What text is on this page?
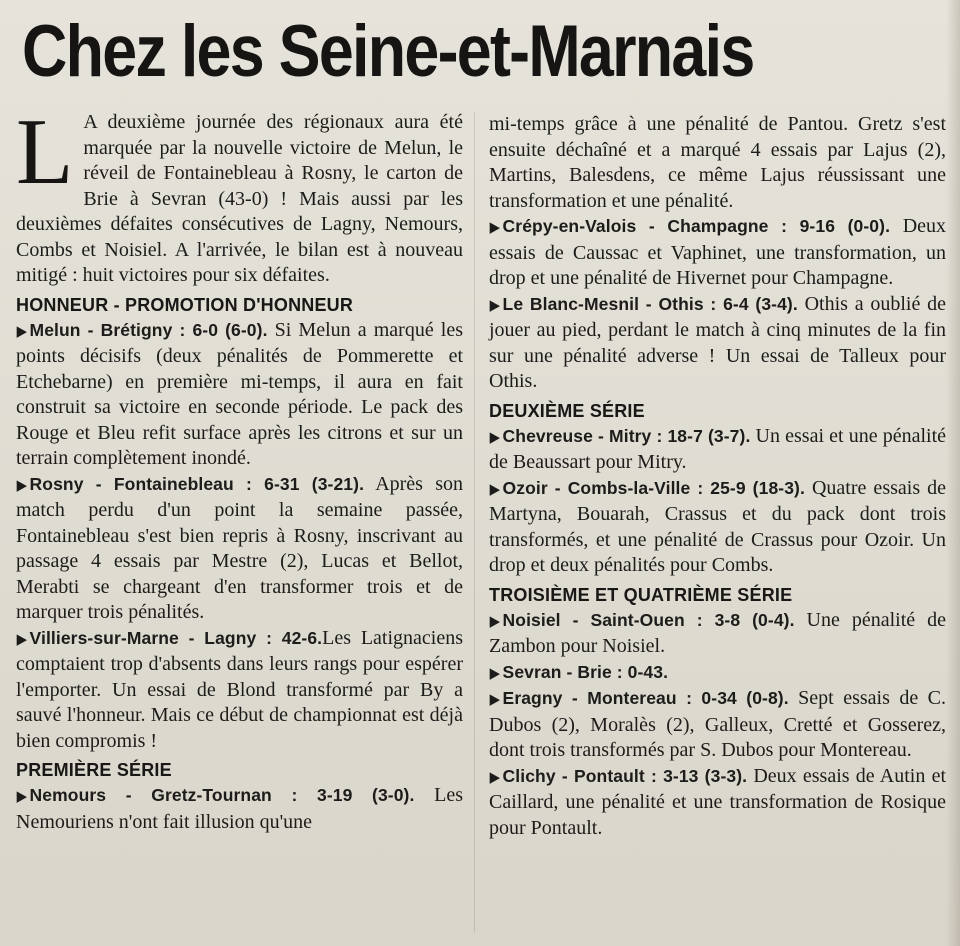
Chez les Seine-et-Marnais

L A deuxième journée des régionaux aura été marquée par la nouvelle victoire de Melun, le réveil de Fontainebleau à Rosny, le carton de Brie à Sevran (43-0) ! Mais aussi par les deuxièmes défaites consécutives de Lagny, Nemours, Combs et Noisiel. A l'arrivée, le bilan est à nouveau mitigé : huit victoires pour six défaites.

HONNEUR - PROMOTION D'HONNEUR

▶ Melun - Brétigny : 6-0 (6-0). Si Melun a marqué les points décisifs (deux pénalités de Pommerette et Etchebarne) en première mi-temps, il aura en fait construit sa victoire en seconde période. Le pack des Rouge et Bleu refit surface après les citrons et sur un terrain complètement inondé.

▶ Rosny - Fontainebleau : 6-31 (3-21). Après son match perdu d'un point la semaine passée, Fontainebleau s'est bien repris à Rosny, inscrivant au passage 4 essais par Mestre (2), Lucas et Bellot, Merabti se chargeant d'en transformer trois et de marquer trois pénalités.

▶ Villiers-sur-Marne - Lagny : 42-6.Les Latignaciens comptaient trop d'absents dans leurs rangs pour espérer l'emporter. Un essai de Blond transformé par By a sauvé l'honneur. Mais ce début de championnat est déjà bien compromis !

PREMIÈRE SÉRIE

▶ Nemours - Gretz-Tournan : 3-19 (3-0). Les Nemouriens n'ont fait illusion qu'une

mi-temps grâce à une pénalité de Pantou. Gretz s'est ensuite déchaîné et a marqué 4 essais par Lajus (2), Martins, Balesdens, ce même Lajus réussissant une transformation et une pénalité.

▶ Crépy-en-Valois - Champagne : 9-16 (0-0). Deux essais de Caussac et Vaphinet, une transformation, un drop et une pénalité de Hivernet pour Champagne.

▶ Le Blanc-Mesnil - Othis : 6-4 (3-4). Othis a oublié de jouer au pied, perdant le match à cinq minutes de la fin sur une pénalité adverse ! Un essai de Talleux pour Othis.

DEUXIÈME SÉRIE

▶ Chevreuse - Mitry : 18-7 (3-7). Un essai et une pénalité de Beaussart pour Mitry.

▶ Ozoir - Combs-la-Ville : 25-9 (18-3). Quatre essais de Martyna, Bouarah, Crassus et du pack dont trois transformés, et une pénalité de Crassus pour Ozoir. Un drop et deux pénalités pour Combs.

TROISIÈME ET QUATRIÈME SÉRIE

▶ Noisiel - Saint-Ouen : 3-8 (0-4). Une pénalité de Zambon pour Noisiel.

▶ Sevran - Brie : 0-43.

▶ Eragny - Montereau : 0-34 (0-8). Sept essais de C. Dubos (2), Moralès (2), Galleux, Cretté et Gosserez, dont trois transformés par S. Dubos pour Montereau.

▶ Clichy - Pontault : 3-13 (3-3). Deux essais de Autin et Caillard, une pénalité et une transformation de Rosique pour Pontault.
